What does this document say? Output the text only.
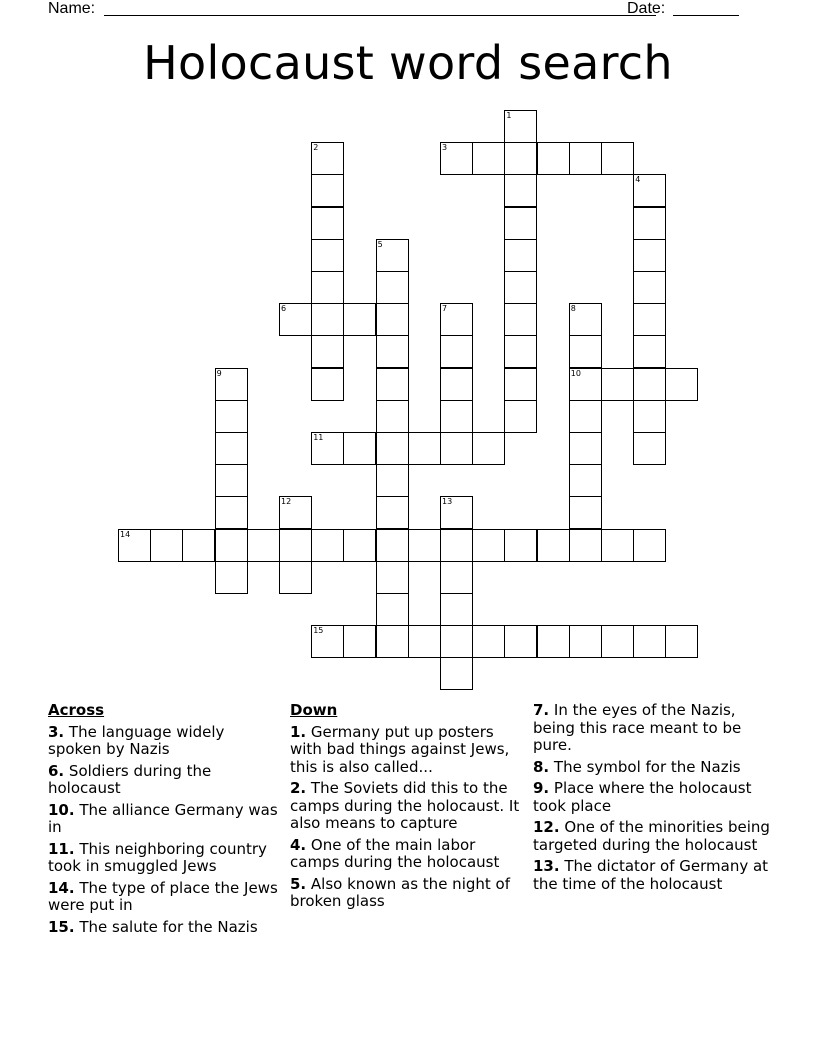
Name:	Date:
Holocaust word search
1
2	3
4
5
6	7	8
9	10
11
12	13
14
15
Across
3. The language widely spoken by Nazis
6. Soldiers during the holocaust
10. The alliance Germany was in
11. This neighboring country took in smuggled Jews
14. The type of place the Jews were put in
15. The salute for the Nazis
Down
1. Germany put up posters with bad things against Jews, this is also called...
2. The Soviets did this to the camps during the holocaust. It also means to capture
4. One of the main labor camps during the holocaust
5. Also known as the night of broken glass
7. In the eyes of the Nazis, being this race meant to be pure.
8. The symbol for the Nazis
9. Place where the holocaust took place
12. One of the minorities being targeted during the holocaust
13. The dictator of Germany at the time of the holocaust
